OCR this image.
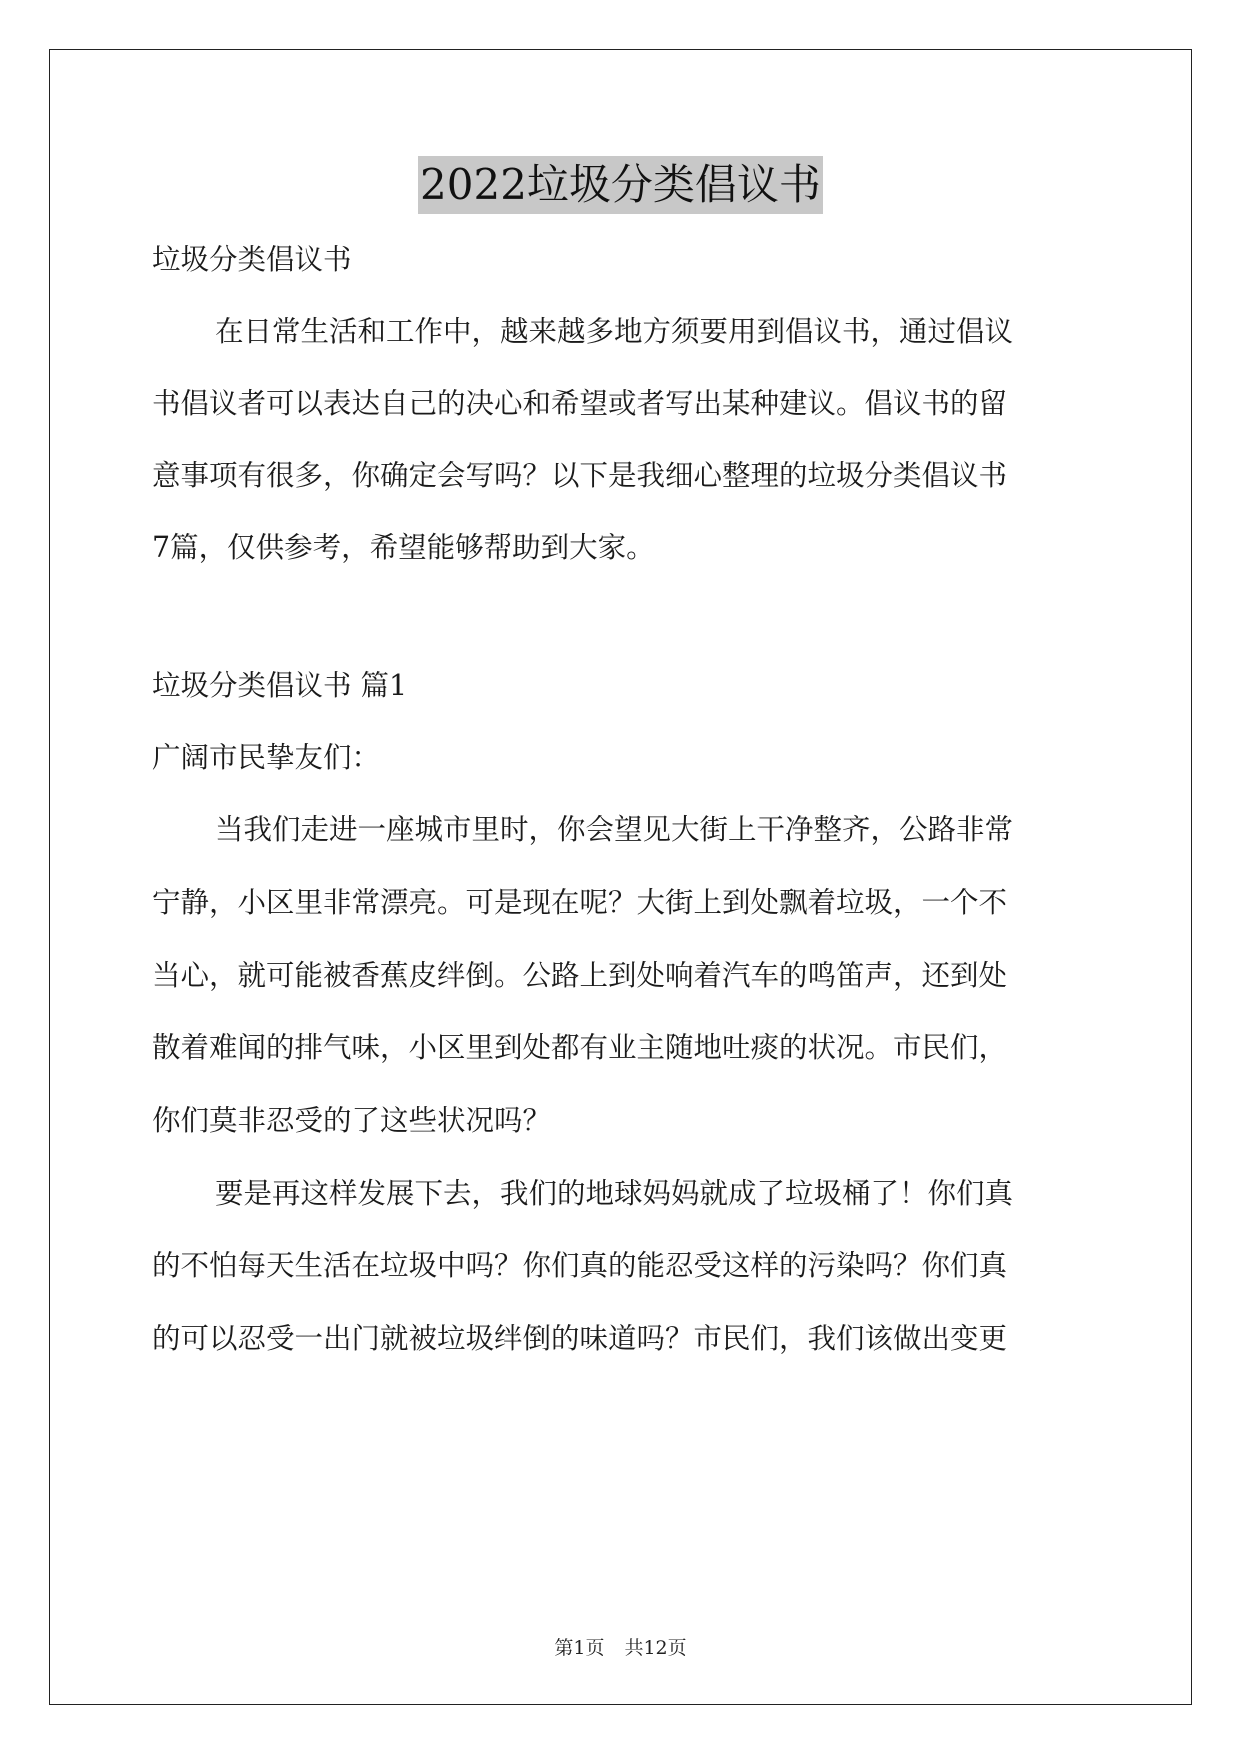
2022垃圾分类倡议书
垃圾分类倡议书
在日常生活和工作中，越来越多地方须要用到倡议书，通过倡议
书倡议者可以表达自己的决心和希望或者写出某种建议。倡议书的留
意事项有很多，你确定会写吗？以下是我细心整理的垃圾分类倡议书
7篇，仅供参考，希望能够帮助到大家。
垃圾分类倡议书 篇1
广阔市民挚友们：
当我们走进一座城市里时，你会望见大街上干净整齐，公路非常
宁静，小区里非常漂亮。可是现在呢？大街上到处飘着垃圾，一个不
当心，就可能被香蕉皮绊倒。公路上到处响着汽车的鸣笛声，还到处
散着难闻的排气味，小区里到处都有业主随地吐痰的状况。市民们，
你们莫非忍受的了这些状况吗？
要是再这样发展下去，我们的地球妈妈就成了垃圾桶了！你们真
的不怕每天生活在垃圾中吗？你们真的能忍受这样的污染吗？你们真
的可以忍受一出门就被垃圾绊倒的味道吗？市民们，我们该做出变更
第1页 共12页
